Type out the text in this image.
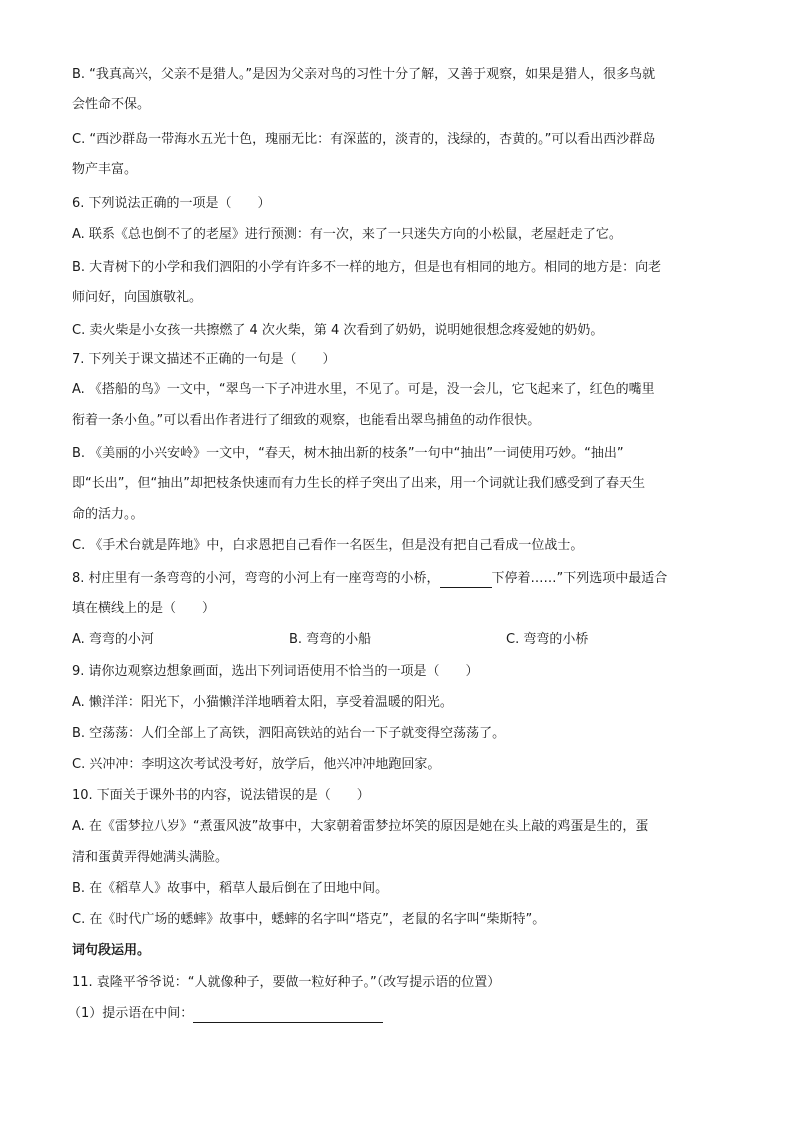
B. “我真高兴，父亲不是猎人。”是因为父亲对鸟的习性十分了解，又善于观察，如果是猎人，很多鸟就
会性命不保。
C. “西沙群岛一带海水五光十色，瑰丽无比：有深蓝的，淡青的，浅绿的，杏黄的。”可以看出西沙群岛
物产丰富。
6. 下列说法正确的一项是（　　）
A. 联系《总也倒不了的老屋》进行预测：有一次，来了一只迷失方向的小松鼠，老屋赶走了它。
B. 大青树下的小学和我们泗阳的小学有许多不一样的地方，但是也有相同的地方。相同的地方是：向老
师问好，向国旗敬礼。
C. 卖火柴是小女孩一共擦燃了 4 次火柴，第 4 次看到了奶奶，说明她很想念疼爱她的奶奶。
7. 下列关于课文描述不正确的一句是（　　）
A. 《搭船的鸟》一文中，“翠鸟一下子冲进水里，不见了。可是，没一会儿，它飞起来了，红色的嘴里
衔着一条小鱼。”可以看出作者进行了细致的观察，也能看出翠鸟捕鱼的动作很快。
B. 《美丽的小兴安岭》一文中，“春天，树木抽出新的枝条”一句中“抽出”一词使用巧妙。“抽出”
即“长出”，但“抽出”却把枝条快速而有力生长的样子突出了出来，用一个词就让我们感受到了春天生
命的活力。。
C. 《手术台就是阵地》中，白求恩把自己看作一名医生，但是没有把自己看成一位战士。
8. 村庄里有一条弯弯的小河，弯弯的小河上有一座弯弯的小桥，	下停着……”下列选项中最适合
填在横线上的是（　　）
A. 弯弯的小河	B. 弯弯的小船	C. 弯弯的小桥
9. 请你边观察边想象画面，选出下列词语使用不恰当的一项是（　　）
A. 懒洋洋：阳光下，小猫懒洋洋地晒着太阳，享受着温暖的阳光。
B. 空荡荡：人们全部上了高铁，泗阳高铁站的站台一下子就变得空荡荡了。
C. 兴冲冲：李明这次考试没考好，放学后，他兴冲冲地跑回家。
10. 下面关于课外书的内容，说法错误的是（　　）
A. 在《雷梦拉八岁》“煮蛋风波”故事中，大家朝着雷梦拉坏笑的原因是她在头上敲的鸡蛋是生的，蛋
清和蛋黄弄得她满头满脸。
B. 在《稻草人》故事中，稻草人最后倒在了田地中间。
C. 在《时代广场的蟋蟀》故事中，蟋蟀的名字叫“塔克”，老鼠的名字叫“柴斯特”。
词句段运用。
11. 袁隆平爷爷说：“人就像种子，要做一粒好种子。”（改写提示语的位置）
（1）提示语在中间：
